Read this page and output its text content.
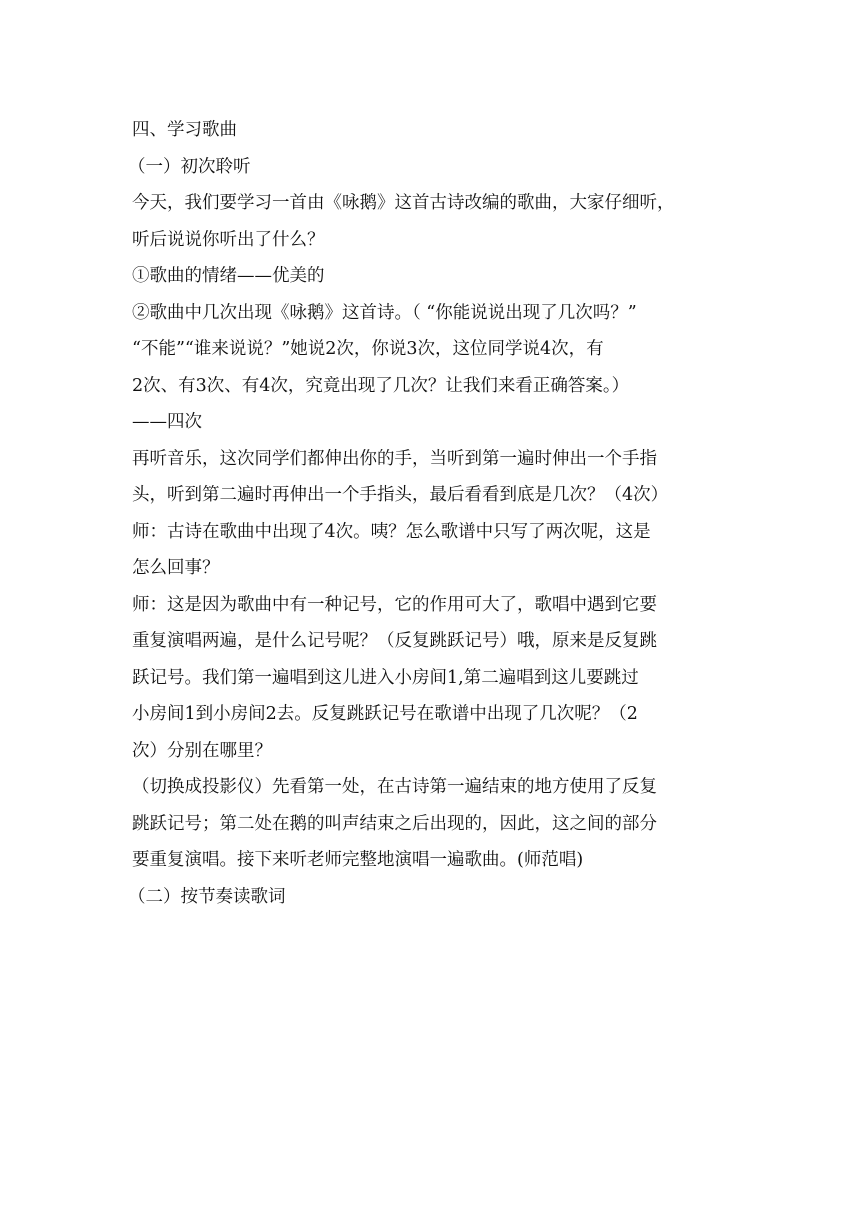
四、学习歌曲
（一）初次聆听
今天，我们要学习一首由《咏鹅》这首古诗改编的歌曲，大家仔细听，
听后说说你听出了什么？
①歌曲的情绪——优美的
②歌曲中几次出现《咏鹅》这首诗。（ “你能说说出现了几次吗？”
“不能”“谁来说说？”她说2次，你说3次，这位同学说4次，有
2次、有3次、有4次，究竟出现了几次？让我们来看正确答案。）
——四次
再听音乐，这次同学们都伸出你的手，当听到第一遍时伸出一个手指
头，听到第二遍时再伸出一个手指头，最后看看到底是几次？（4次）
师：古诗在歌曲中出现了4次。咦？怎么歌谱中只写了两次呢，这是
怎么回事？
师：这是因为歌曲中有一种记号，它的作用可大了，歌唱中遇到它要
重复演唱两遍，是什么记号呢？（反复跳跃记号）哦，原来是反复跳
跃记号。我们第一遍唱到这儿进入小房间1,第二遍唱到这儿要跳过
小房间1到小房间2去。反复跳跃记号在歌谱中出现了几次呢？（2
次）分别在哪里？
（切换成投影仪）先看第一处，在古诗第一遍结束的地方使用了反复
跳跃记号；第二处在鹅的叫声结束之后出现的，因此，这之间的部分
要重复演唱。接下来听老师完整地演唱一遍歌曲。(师范唱)
（二）按节奏读歌词
